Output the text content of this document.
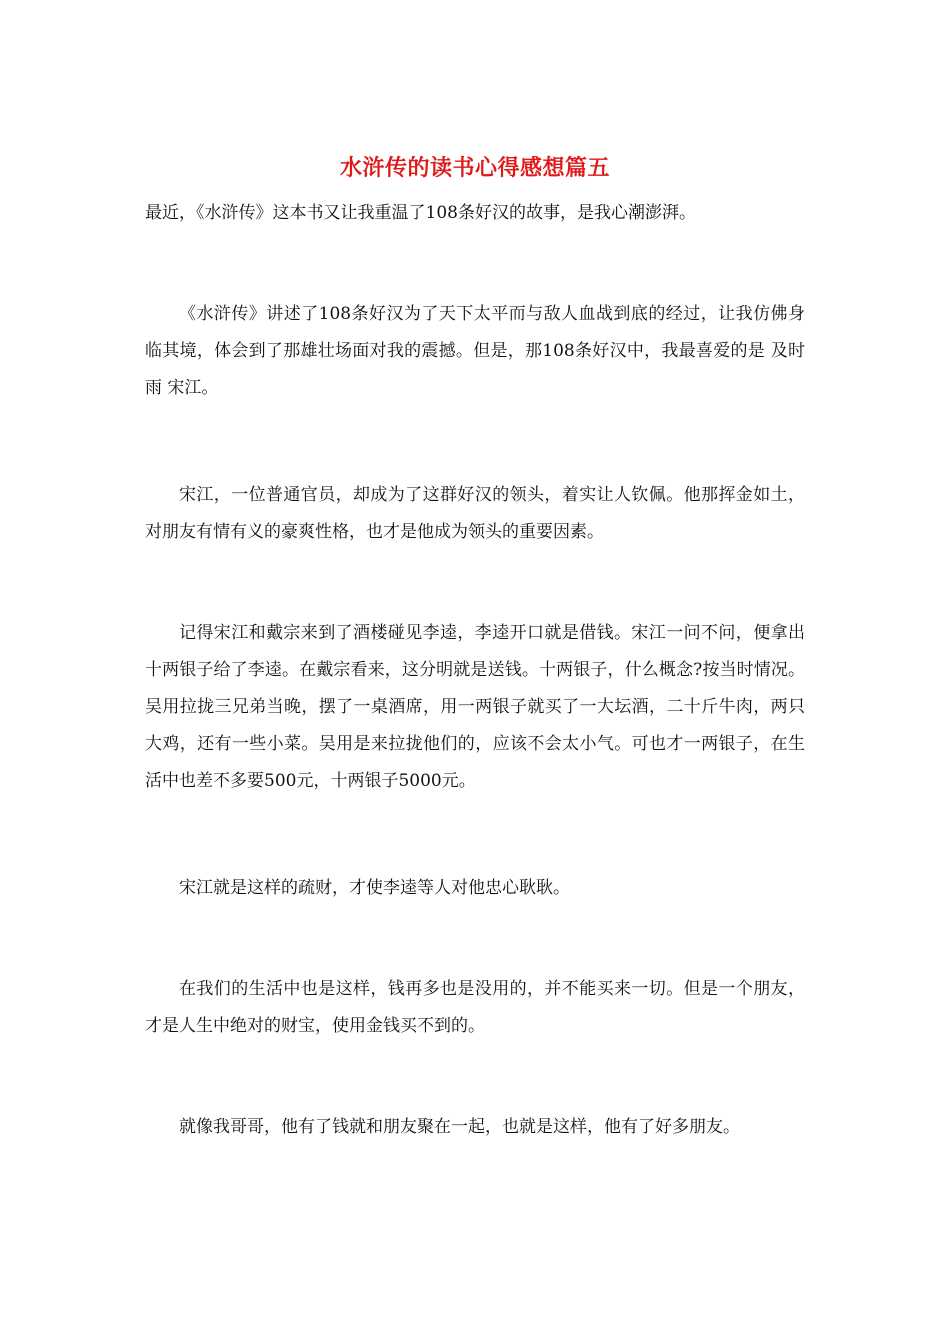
水浒传的读书心得感想篇五

最近，《水浒传》这本书又让我重温了108条好汉的故事，是我心潮澎湃。

《水浒传》讲述了108条好汉为了天下太平而与敌人血战到底的经过，让我仿佛身临其境，体会到了那雄壮场面对我的震撼。但是，那108条好汉中，我最喜爱的是 及时雨 宋江。

宋江，一位普通官员，却成为了这群好汉的领头，着实让人钦佩。他那挥金如土，对朋友有情有义的豪爽性格，也才是他成为领头的重要因素。

记得宋江和戴宗来到了酒楼碰见李逵，李逵开口就是借钱。宋江一问不问，便拿出十两银子给了李逵。在戴宗看来，这分明就是送钱。十两银子，什么概念?按当时情况。吴用拉拢三兄弟当晚，摆了一桌酒席，用一两银子就买了一大坛酒，二十斤牛肉，两只大鸡，还有一些小菜。吴用是来拉拢他们的，应该不会太小气。可也才一两银子，在生活中也差不多要500元，十两银子5000元。

宋江就是这样的疏财，才使李逵等人对他忠心耿耿。

在我们的生活中也是这样，钱再多也是没用的，并不能买来一切。但是一个朋友，才是人生中绝对的财宝，使用金钱买不到的。

就像我哥哥，他有了钱就和朋友聚在一起，也就是这样，他有了好多朋友。
